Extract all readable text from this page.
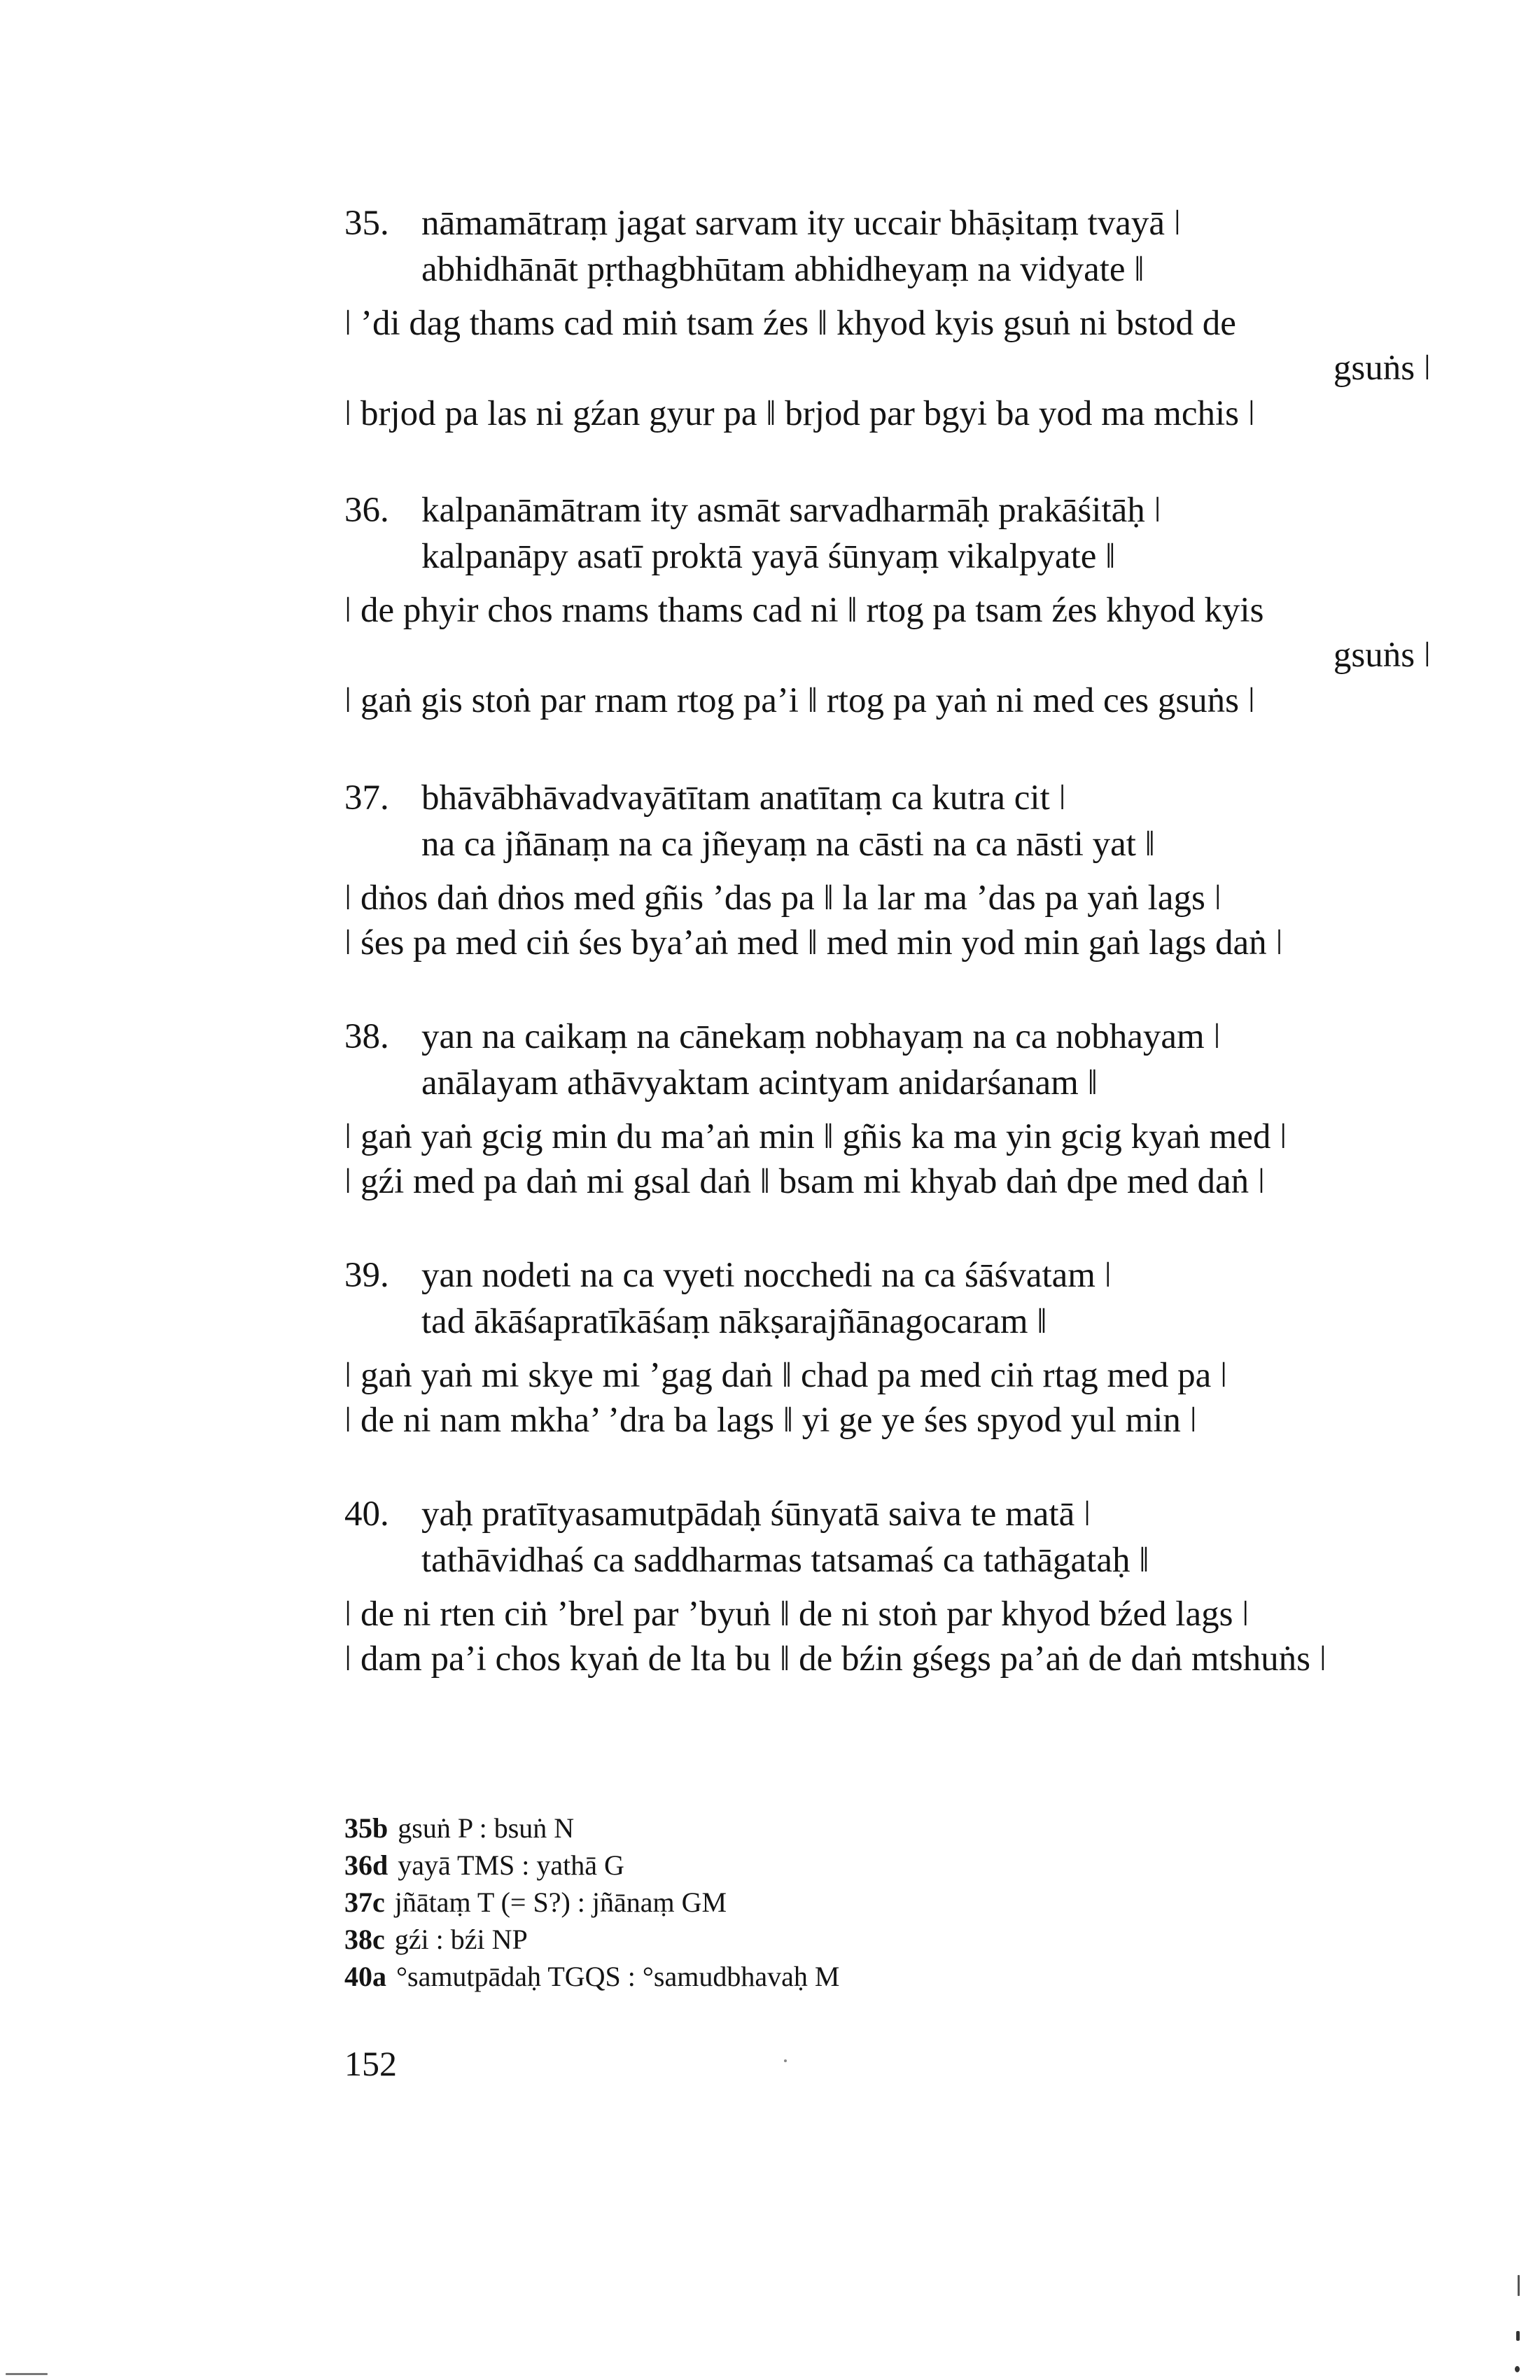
35. nāmamātraṃ jagat sarvam ity uccair bhāṣitaṃ tvayā ǀ
abhidhānāt pṛthagbhūtam abhidheyaṃ na vidyate ǁ
ǀ ’di dag thams cad miṅ tsam źes ǁ khyod kyis gsuṅ ni bstod de
gsuṅs ǀ
ǀ brjod pa las ni gźan gyur pa ǁ brjod par bgyi ba yod ma mchis ǀ
36. kalpanāmātram ity asmāt sarvadharmāḥ prakāśitāḥ ǀ
kalpanāpy asatī proktā yayā śūnyaṃ vikalpyate ǁ
ǀ de phyir chos rnams thams cad ni ǁ rtog pa tsam źes khyod kyis
gsuṅs ǀ
ǀ gaṅ gis stoṅ par rnam rtog pa’i ǁ rtog pa yaṅ ni med ces gsuṅs ǀ
37. bhāvābhāvadvayātītam anatītaṃ ca kutra cit ǀ
na ca jñānaṃ na ca jñeyaṃ na cāsti na ca nāsti yat ǁ
ǀ dṅos daṅ dṅos med gñis ’das pa ǁ la lar ma ’das pa yaṅ lags ǀ
ǀ śes pa med ciṅ śes bya’aṅ med ǁ med min yod min gaṅ lags daṅ ǀ
38. yan na caikaṃ na cānekaṃ nobhayaṃ na ca nobhayam ǀ
anālayam athāvyaktam acintyam anidarśanam ǁ
ǀ gaṅ yaṅ gcig min du ma’aṅ min ǁ gñis ka ma yin gcig kyaṅ med ǀ
ǀ gźi med pa daṅ mi gsal daṅ ǁ bsam mi khyab daṅ dpe med daṅ ǀ
39. yan nodeti na ca vyeti nocchedi na ca śāśvatam ǀ
tad ākāśapratīkāśaṃ nākṣarajñānagocaram ǁ
ǀ gaṅ yaṅ mi skye mi ’gag daṅ ǁ chad pa med ciṅ rtag med pa ǀ
ǀ de ni nam mkha’ ’dra ba lags ǁ yi ge ye śes spyod yul min ǀ
40. yaḥ pratītyasamutpādaḥ śūnyatā saiva te matā ǀ
tathāvidhaś ca saddharmas tatsamaś ca tathāgataḥ ǁ
ǀ de ni rten ciṅ ’brel par ’byuṅ ǁ de ni stoṅ par khyod bźed lags ǀ
ǀ dam pa’i chos kyaṅ de lta bu ǁ de bźin gśegs pa’aṅ de daṅ mtshuṅs ǀ
35b gsuṅ P : bsuṅ N
36d yayā TMS : yathā G
37c jñātaṃ T (= S?) : jñānaṃ GM
38c gźi : bźi NP
40a °samutpādaḥ TGQS : °samudbhavaḥ M
152
